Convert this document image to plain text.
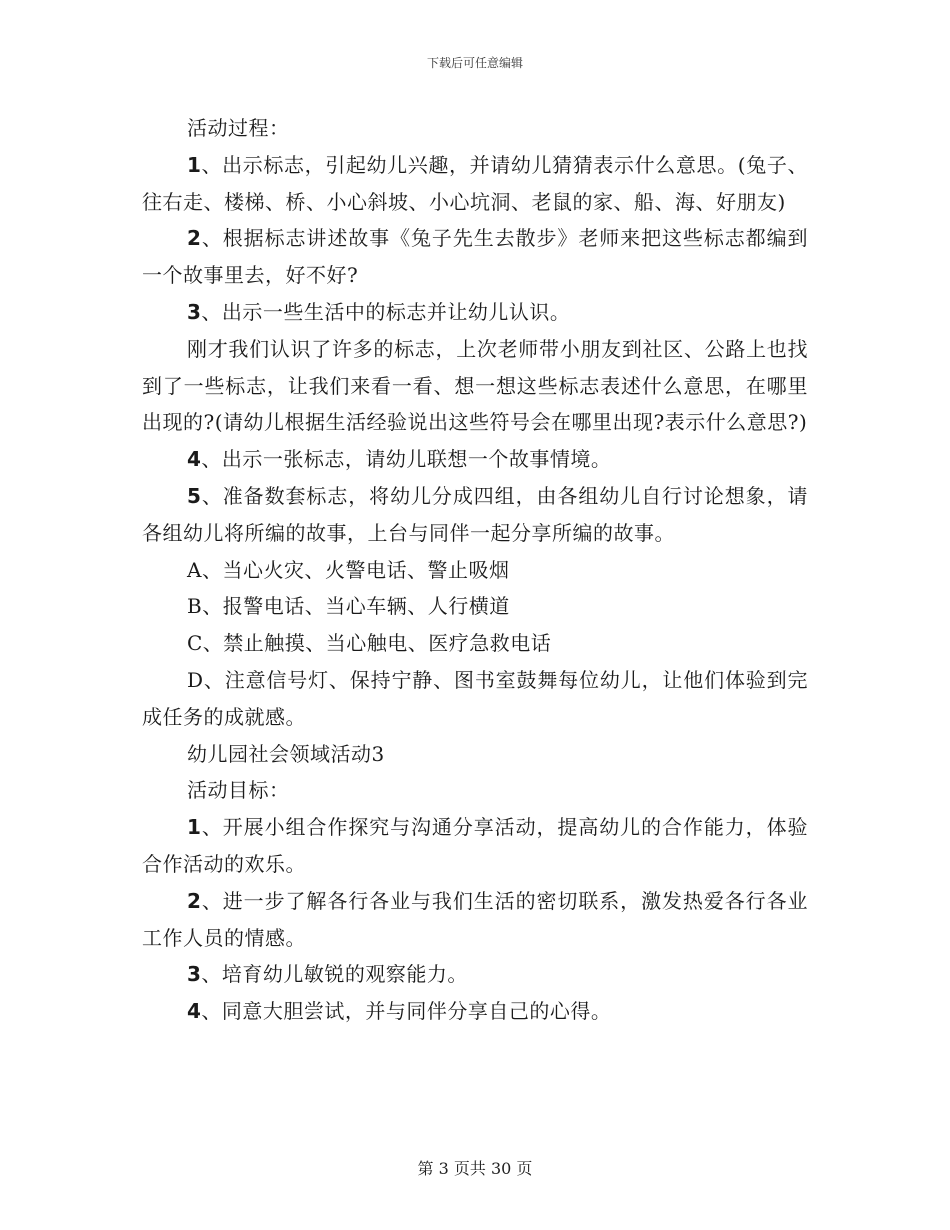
下载后可任意编辑

活动过程：

1、出示标志，引起幼儿兴趣，并请幼儿猜猜表示什么意思。(兔子、往右走、楼梯、桥、小心斜坡、小心坑洞、老鼠的家、船、海、好朋友)

2、根据标志讲述故事《兔子先生去散步》老师来把这些标志都编到一个故事里去，好不好?

3、出示一些生活中的标志并让幼儿认识。

刚才我们认识了许多的标志，上次老师带小朋友到社区、公路上也找到了一些标志，让我们来看一看、想一想这些标志表述什么意思，在哪里出现的?(请幼儿根据生活经验说出这些符号会在哪里出现?表示什么意思?)

4、出示一张标志，请幼儿联想一个故事情境。

5、准备数套标志，将幼儿分成四组，由各组幼儿自行讨论想象，请各组幼儿将所编的故事，上台与同伴一起分享所编的故事。

A、当心火灾、火警电话、警止吸烟

B、报警电话、当心车辆、人行横道

C、禁止触摸、当心触电、医疗急救电话

D、注意信号灯、保持宁静、图书室鼓舞每位幼儿，让他们体验到完成任务的成就感。

幼儿园社会领域活动3

活动目标：

1、开展小组合作探究与沟通分享活动，提高幼儿的合作能力，体验合作活动的欢乐。

2、进一步了解各行各业与我们生活的密切联系，激发热爱各行各业工作人员的情感。

3、培育幼儿敏锐的观察能力。

4、同意大胆尝试，并与同伴分享自己的心得。

第 3 页共 30 页
